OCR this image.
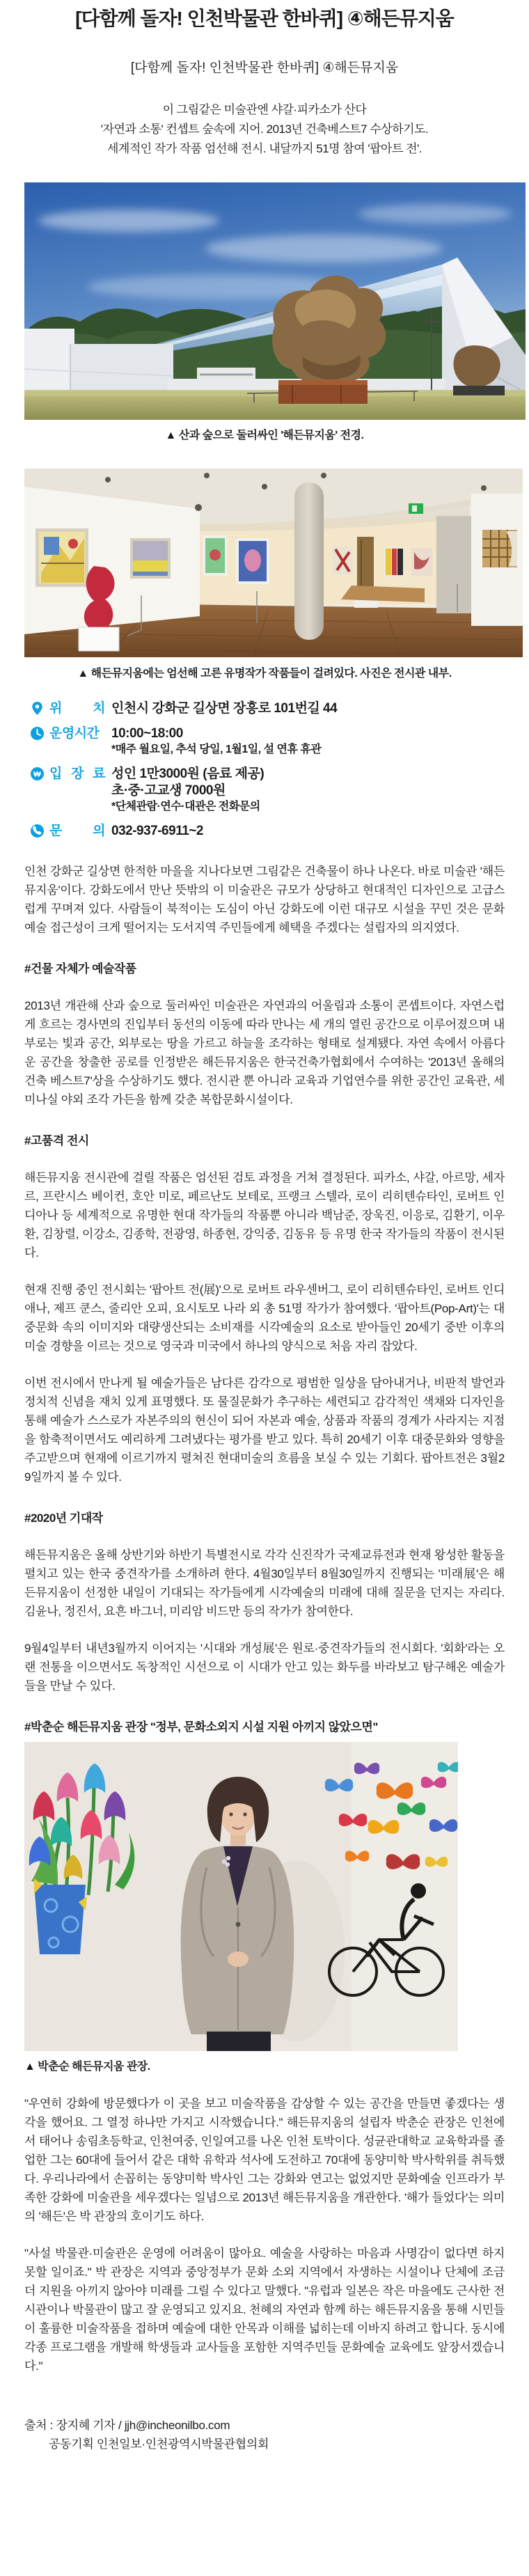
[다함께 돌자! 인천박물관 한바퀴] ④해든뮤지움
[다함께 돌자! 인천박물관 한바퀴] ④해든뮤지움
이 그림같은 미술관엔 샤갈·피카소가 산다
'자연과 소통' 컨셉트 숲속에 지어. 2013년 건축베스트7 수상하기도.
세계적인 작가 작품 엄선해 전시. 내달까지 51명 참여 '팝아트 전'.
▲ 산과 숲으로 둘러싸인 '해든뮤지움' 전경.
▲ 해든뮤지움에는 엄선해 고른 유명작가 작품들이 걸려있다. 사진은 전시관 내부.
위 치 인천시 강화군 길상면 장흥로 101번길 44
운영시간 10:00~18:00
*매주 월요일, 추석 당일, 1월1일, 설 연휴 휴관
₩ 입 장 료 성인 1만3000원 (음료 제공)
초·중·고교생 7000원
*단체관람·연수·대관은 전화문의
문 의 032-937-6911~2

인천 강화군 길상면 한적한 마을을 지나다보면 그림같은 건축물이 하나 나온다. 바로 미술관 '해든뮤지움'이다. 강화도에서 만난 뜻밖의 이 미술관은 규모가 상당하고 현대적인 디자인으로 고급스럽게 꾸며져 있다. 사람들이 북적이는 도심이 아닌 강화도에 이런 대규모 시설을 꾸민 것은 문화예술 접근성이 크게 떨어지는 도서지역 주민들에게 혜택을 주겠다는 설립자의 의지였다.

#건물 자체가 예술작품

2013년 개관해 산과 숲으로 둘러싸인 미술관은 자연과의 어울림과 소통이 콘셉트이다. 자연스럽게 흐르는 경사면의 진입부터 동선의 이동에 따라 만나는 세 개의 열린 공간으로 이루어졌으며 내부로는 빛과 공간, 외부로는 땅을 가르고 하늘을 조각하는 형태로 설계됐다. 자연 속에서 아름다운 공간을 창출한 공로를 인정받은 해든뮤지움은 한국건축가협회에서 수여하는 '2013년 올해의 건축 베스트7'상을 수상하기도 했다. 전시관 뿐 아니라 교육과 기업연수를 위한 공간인 교육관, 세미나실 야외 조각 가든을 함께 갖춘 복합문화시설이다.

#고품격 전시

해든뮤지움 전시관에 걸릴 작품은 엄선된 검토 과정을 거쳐 결정된다. 피카소, 샤갈, 아르망, 세자르, 프란시스 베이컨, 호안 미로, 페르난도 보테로, 프랭크 스텔라, 로이 리히텐슈타인, 로버트 인디아나 등 세계적으로 유명한 현대 작가들의 작품뿐 아니라 백남준, 장욱진, 이응로, 김환기, 이우환, 김창렬, 이강소, 김종학, 전광영, 하종현, 강익중, 김동유 등 유명 한국 작가들의 작품이 전시된다.

현재 진행 중인 전시회는 '팝아트 전(展)'으로 로버트 라우센버그, 로이 리히텐슈타인, 로버트 인디애나, 제프 쿤스, 줄리안 오피, 요시토모 나라 외 총 51명 작가가 참여했다. '팝아트(Pop-Art)'는 대중문화 속의 이미지와 대량생산되는 소비재를 시각예술의 요소로 받아들인 20세기 중반 이후의 미술 경향을 이르는 것으로 영국과 미국에서 하나의 양식으로 처음 자리 잡았다.

이번 전시에서 만나게 될 예술가들은 남다른 감각으로 평범한 일상을 담아내거나, 비판적 발언과 정치적 신념을 재치 있게 표명했다. 또 물질문화가 추구하는 세련되고 감각적인 색채와 디자인을 통해 예술가 스스로가 자본주의의 현신이 되어 자본과 예술, 상품과 작품의 경계가 사라지는 지점을 함축적이면서도 예리하게 그려냈다는 평가를 받고 있다. 특히 20세기 이후 대중문화와 영향을 주고받으며 현재에 이르기까지 펼쳐진 현대미술의 흐름을 보실 수 있는 기회다. 팝아트전은 3월29일까지 볼 수 있다.

#2020년 기대작

해든뮤지움은 올해 상반기와 하반기 특별전시로 각각 신진작가 국제교류전과 현재 왕성한 활동을 펼치고 있는 한국 중견작가를 소개하려 한다. 4월30일부터 8월30일까지 진행되는 '미래展'은 해든뮤지움이 선정한 내일이 기대되는 작가들에게 시각예술의 미래에 대해 질문을 던지는 자리다. 김윤나, 정진서, 요흔 바그너, 미리암 비드만 등의 작가가 참여한다.

9월4일부터 내년3월까지 이어지는 '시대와 개성展'은 원로·중견작가들의 전시회다. '회화'라는 오랜 전통을 이으면서도 독창적인 시선으로 이 시대가 안고 있는 화두를 바라보고 탐구해온 예술가들을 만날 수 있다.

#박춘순 해든뮤지움 관장 "정부, 문화소외지 시설 지원 아끼지 않았으면"
▲ 박춘순 해든뮤지움 관장.

"우연히 강화에 방문했다가 이 곳을 보고 미술작품을 감상할 수 있는 공간을 만들면 좋겠다는 생각을 했어요. 그 열정 하나만 가지고 시작했습니다." 해든뮤지움의 설립자 박춘순 관장은 인천에서 태어나 송림초등학교, 인천여중, 인일여고를 나온 인천 토박이다. 성균관대학교 교육학과를 졸업한 그는 60대에 들어서 같은 대학 유학과 석사에 도전하고 70대에 동양미학 박사학위를 취득했다. 우리나라에서 손꼽히는 동양미학 박사인 그는 강화와 연고는 없었지만 문화예술 인프라가 부족한 강화에 미술관을 세우겠다는 일념으로 2013년 해든뮤지움을 개관한다. '해가 들었다'는 의미의 '해든'은 박 관장의 호이기도 하다.

"사설 박물관·미술관은 운영에 어려움이 많아요. 예술을 사랑하는 마음과 사명감이 없다면 하지 못할 일이죠." 박 관장은 지역과 중앙정부가 문화 소외 지역에서 자생하는 시설이나 단체에 조금 더 지원을 아끼지 않아야 미래를 그릴 수 있다고 말했다. "유럽과 일본은 작은 마을에도 근사한 전시관이나 박물관이 많고 잘 운영되고 있지요. 천혜의 자연과 함께 하는 해든뮤지움을 통해 시민들이 훌륭한 미술작품을 접하며 예술에 대한 안목과 이해를 넓히는데 이바지 하려고 합니다. 동시에 각종 프로그램을 개발해 학생들과 교사들을 포함한 지역주민들 문화예술 교육에도 앞장서겠습니다."

출처 : 장지혜 기자 / jjh@incheonilbo.com
공동기획 인천일보·인천광역시박물관협의회
